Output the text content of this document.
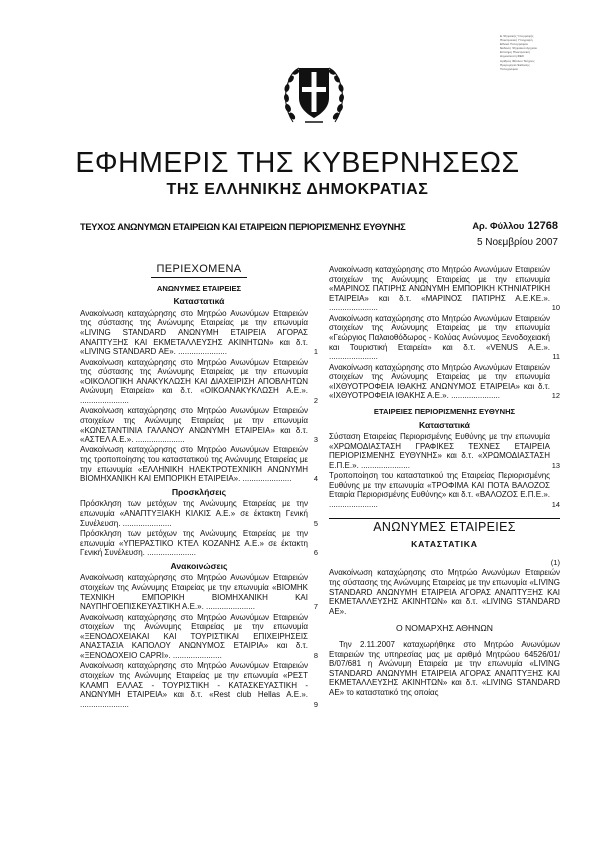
Ε.Ψηφιακής Υπογραφής
Ηλεκτρονική Υπογραφή
Εθνικό Τυπογραφείο
Έκδοση Ψηφιακού Αρχείου
Επίσημη Ηλεκτρονική
Δημοσίευση ΦΕΚ
Αριθμός Φύλλου Τεύχους
Ημερομηνία Έκδοσης
Τυπογραφείο
ΕΦΗΜΕΡΙΣ ΤΗΣ ΚΥΒΕΡΝΗΣΕΩΣ
ΤΗΣ ΕΛΛΗΝΙΚΗΣ ΔΗΜΟΚΡΑΤΙΑΣ
ΤΕΥΧΟΣ ΑΝΩΝΥΜΩΝ ΕΤΑΙΡΕΙΩΝ ΚΑΙ ΕΤΑΙΡΕΙΩΝ ΠΕΡΙΟΡΙΣΜΕΝΗΣ ΕΥΘΥΝΗΣ	Αρ. Φύλλου 12768
5 Νοεμβρίου 2007
ΠΕΡΙΕΧΟΜΕΝΑ
ΑΝΩΝΥΜΕΣ ΕΤΑΙΡΕΙΕΣ
Καταστατικά
Ανακοίνωση καταχώρησης στο Μητρώο Ανωνύμων Εταιρειών της σύστασης της Ανώνυμης Εταιρείας με την επωνυμία «LIVING STANDARD ΑΝΩΝΥΜΗ ΕΤΑΙΡΕΙΑ ΑΓΟΡΑΣ ΑΝΑΠΤΥΞΗΣ ΚΑΙ ΕΚΜΕΤΑΛΛΕΥΣΗΣ ΑΚΙΝΗΤΩΝ» και δ.τ. «LIVING STANDARD ΑΕ». ......................	1
Ανακοίνωση καταχώρησης στο Μητρώο Ανωνύμων Εταιρειών της σύστασης της Ανώνυμης Εταιρείας με την επωνυμία «ΟΙΚΟΛΟΓΙΚΗ ΑΝΑΚΥΚΛΩΣΗ ΚΑΙ ΔΙΑΧΕΙΡΙΣΗ ΑΠΟΒΛΗΤΩΝ Ανώνυμη Εταιρεία» και δ.τ. «ΟΙΚΟΑΝΑΚΥΚΛΩΣΗ Α.Ε.». ......................	2
Ανακοίνωση καταχώρησης στο Μητρώο Ανωνύμων Εταιρειών στοιχείων της Ανώνυμης Εταιρείας με την επωνυμία «ΚΩΝΣΤΑΝΤΙΝΙΑ ΓΑΛΑΝΟΥ ΑΝΩΝΥΜΗ ΕΤΑΙΡΕΙΑ» και δ.τ. «ΑΣΤΕΛ Α.Ε.». ......................	3
Ανακοίνωση καταχώρησης στο Μητρώο Ανωνύμων Εταιρειών της τροποποίησης του καταστατικού της Ανώνυμης Εταιρείας με την επωνυμία «ΕΛΛΗΝΙΚΗ ΗΛΕΚΤΡΟΤΕΧΝΙΚΗ ΑΝΩΝΥΜΗ ΒΙΟΜΗΧΑΝΙΚΗ ΚΑΙ ΕΜΠΟΡΙΚΗ ΕΤΑΙΡΕΙΑ». ......................	4
Προσκλήσεις
Πρόσκληση των μετόχων της Ανώνυμης Εταιρείας με την επωνυμία «ΑΝΑΠΤΥΞΙΑΚΗ ΚΙΛΚΙΣ Α.Ε.» σε έκτακτη Γενική Συνέλευση. ......................	5
Πρόσκληση των μετόχων της Ανώνυμης Εταιρείας με την επωνυμία «ΥΠΕΡΑΣΤΙΚΟ ΚΤΕΛ ΚΟΖΑΝΗΣ Α.Ε.» σε έκτακτη Γενική Συνέλευση. ......................	6
Ανακοινώσεις
Ανακοίνωση καταχώρησης στο Μητρώο Ανωνύμων Εταιρειών στοιχείων της Ανώνυμης Εταιρείας με την επωνυμία «ΒΙΟΜΗΚ ΤΕΧΝΙΚΗ ΕΜΠΟΡΙΚΗ ΒΙΟΜΗΧΑΝΙΚΗ ΚΑΙ ΝΑΥΠΗΓΟΕΠΙΣΚΕΥΑΣΤΙΚΗ Α.Ε.». ......................	7
Ανακοίνωση καταχώρησης στο Μητρώο Ανωνύμων Εταιρειών στοιχείων της Ανώνυμης Εταιρείας με την επωνυμία «ΞΕΝΟΔΟΧΕΙΑΚΑΙ ΚΑΙ ΤΟΥΡΙΣΤΙΚΑΙ ΕΠΙΧΕΙΡΗΣΕΙΣ ΑΝΑΣΤΑΣΙΑ ΚΑΠΟΛΟΥ ΑΝΩΝΥΜΟΣ ΕΤΑΙΡΙΑ» και δ.τ. «ΞΕΝΟΔΟΧΕΙΟ CAPRI». ......................	8
Ανακοίνωση καταχώρησης στο Μητρώο Ανωνύμων Εταιρειών στοιχείων της Ανώνυμης Εταιρείας με την επωνυμία «ΡΕΣΤ ΚΛΑΜΠ ΕΛΛΑΣ - ΤΟΥΡΙΣΤΙΚΗ - ΚΑΤΑΣΚΕΥΑΣΤΙΚΗ - ΑΝΩΝΥΜΗ ΕΤΑΙΡΕΙΑ» και δ.τ. «Rest club Hellas A.E.». ......................	9
Ανακοίνωση καταχώρησης στο Μητρώο Ανωνύμων Εταιρειών στοιχείων της Ανώνυμης Εταιρείας με την επωνυμία «ΜΑΡΙΝΟΣ ΠΑΤΙΡΗΣ ΑΝΩΝΥΜΗ ΕΜΠΟΡΙΚΗ ΚΤΗΝΙΑΤΡΙΚΗ ΕΤΑΙΡΕΙΑ» και δ.τ. «ΜΑΡΙΝΟΣ ΠΑΤΙΡΗΣ Α.Ε.ΚΕ.». ......................	10
Ανακοίνωση καταχώρησης στο Μητρώο Ανωνύμων Εταιρειών στοιχείων της Ανώνυμης Εταιρείας με την επωνυμία «Γεώργιος Παλαιοθόδωρος - Κολύας Ανώνυμος Ξενοδοχειακή και Τουριστική Εταιρεία» και δ.τ. «VENUS A.E.». ......................	11
Ανακοίνωση καταχώρησης στο Μητρώο Ανωνύμων Εταιρειών στοιχείων της Ανώνυμης Εταιρείας με την επωνυμία «ΙΧΘΥΟΤΡΟΦΕΙΑ ΙΘΑΚΗΣ ΑΝΩΝΥΜΟΣ ΕΤΑΙΡΕΙΑ» και δ.τ. «ΙΧΘΥΟΤΡΟΦΕΙΑ ΙΘΑΚΗΣ Α.Ε.». ......................	12
ΕΤΑΙΡΕΙΕΣ ΠΕΡΙΟΡΙΣΜΕΝΗΣ ΕΥΘΥΝΗΣ
Καταστατικά
Σύσταση Εταιρείας Περιορισμένης Ευθύνης με την επωνυμία «ΧΡΩΜΟΔΙΑΣΤΑΣΗ ΓΡΑΦΙΚΕΣ ΤΕΧΝΕΣ ΕΤΑΙΡΕΙΑ ΠΕΡΙΟΡΙΣΜΕΝΗΣ ΕΥΘΥΝΗΣ» και δ.τ. «ΧΡΩΜΟΔΙΑΣΤΑΣΗ Ε.Π.Ε.». ......................	13
Τροποποίηση του καταστατικού της Εταιρείας Περιορισμένης Ευθύνης με την επωνυμία «ΤΡΟΦΙΜΑ ΚΑΙ ΠΟΤΑ ΒΑΛΟΖΟΣ Εταιρία Περιορισμένης Ευθύνης» και δ.τ. «ΒΑΛΟΖΟΣ Ε.Π.Ε.». ......................	14
ΑΝΩΝΥΜΕΣ ΕΤΑΙΡΕΙΕΣ
ΚΑΤΑΣΤΑΤΙΚΑ
(1)
Ανακοίνωση καταχώρησης στο Μητρώο Ανωνύμων Εταιρειών της σύστασης της Ανώνυμης Εταιρείας με την επωνυμία «LIVING STANDARD ΑΝΩΝΥΜΗ ΕΤΑΙΡΕΙΑ ΑΓΟΡΑΣ ΑΝΑΠΤΥΞΗΣ ΚΑΙ ΕΚΜΕΤΑΛΛΕΥΣΗΣ ΑΚΙΝΗΤΩΝ» και δ.τ. «LIVING STANDARD ΑΕ».
Ο ΝΟΜΑΡΧΗΣ ΑΘΗΝΩΝ
Την 2.11.2007 καταχωρήθηκε στο Μητρώο Ανωνύμων Εταιρειών της υπηρεσίας μας με αριθμό Μητρώου 64526/01/Β/07/681 η Ανώνυμη Εταιρεία με την επωνυμία «LIVING STANDARD ΑΝΩΝΥΜΗ ΕΤΑΙΡΕΙΑ ΑΓΟΡΑΣ ΑΝΑΠΤΥΞΗΣ ΚΑΙ ΕΚΜΕΤΑΛΛΕΥΣΗΣ ΑΚΙΝΗΤΩΝ» και δ.τ. «LIVING STANDARD ΑΕ» το καταστατικό της οποίας
